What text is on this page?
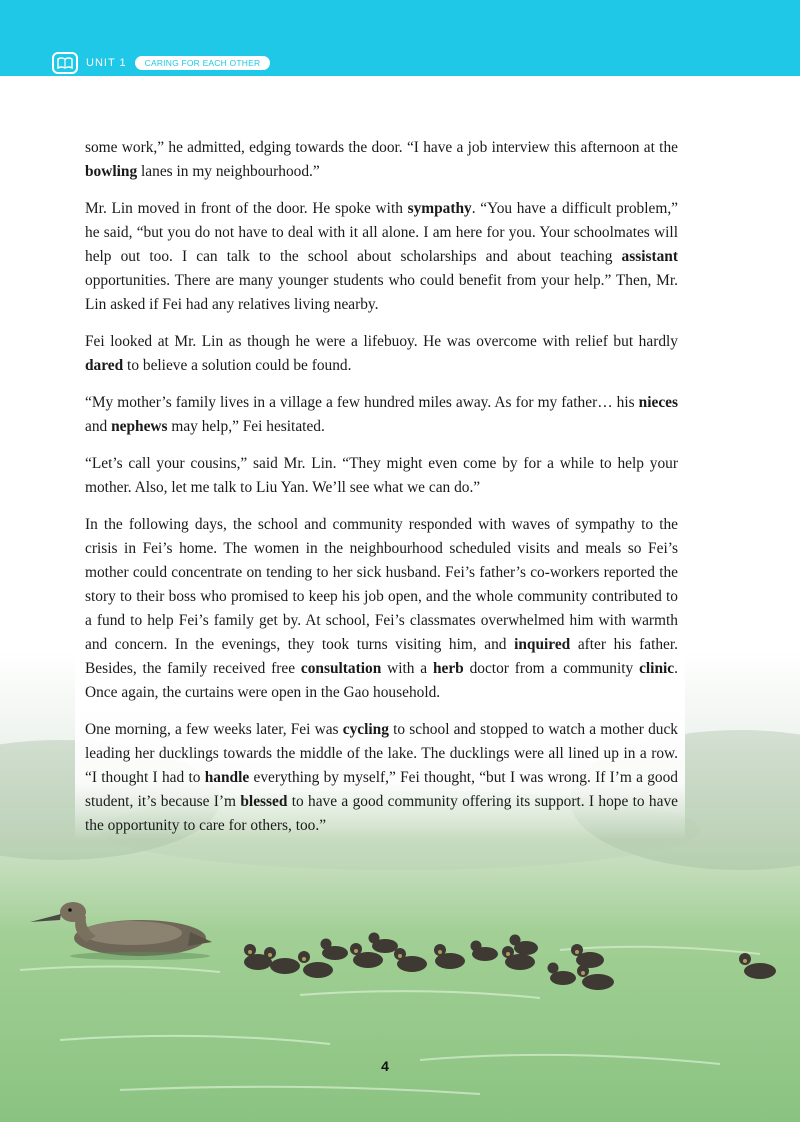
UNIT 1	CARING FOR EACH OTHER

some work,” he admitted, edging towards the door. “I have a job interview this afternoon at the bowling lanes in my neighbourhood.”

Mr. Lin moved in front of the door. He spoke with sympathy. “You have a difficult problem,” he said, “but you do not have to deal with it all alone. I am here for you. Your schoolmates will help out too. I can talk to the school about scholarships and about teaching assistant opportunities. There are many younger students who could benefit from your help.” Then, Mr. Lin asked if Fei had any relatives living nearby.

Fei looked at Mr. Lin as though he were a lifebuoy. He was overcome with relief but hardly dared to believe a solution could be found.

“My mother’s family lives in a village a few hundred miles away. As for my father… his nieces and nephews may help,” Fei hesitated.

“Let’s call your cousins,” said Mr. Lin. “They might even come by for a while to help your mother. Also, let me talk to Liu Yan. We’ll see what we can do.”

In the following days, the school and community responded with waves of sympathy to the crisis in Fei’s home. The women in the neighbourhood scheduled visits and meals so Fei’s mother could concentrate on tending to her sick husband. Fei’s father’s co-workers reported the story to their boss who promised to keep his job open, and the whole community contributed to a fund to help Fei’s family get by. At school, Fei’s classmates overwhelmed him with warmth and concern. In the evenings, they took turns visiting him, and inquired after his father. Besides, the family received free consultation with a herb doctor from a community clinic. Once again, the curtains were open in the Gao household.

One morning, a few weeks later, Fei was cycling to school and stopped to watch a mother duck leading her ducklings towards the middle of the lake. The ducklings were all lined up in a row. “I thought I had to handle everything by myself,” Fei thought, “but I was wrong. If I’m a good student, it’s because I’m blessed to have a good community offering its support. I hope to have the opportunity to care for others, too.”

4
